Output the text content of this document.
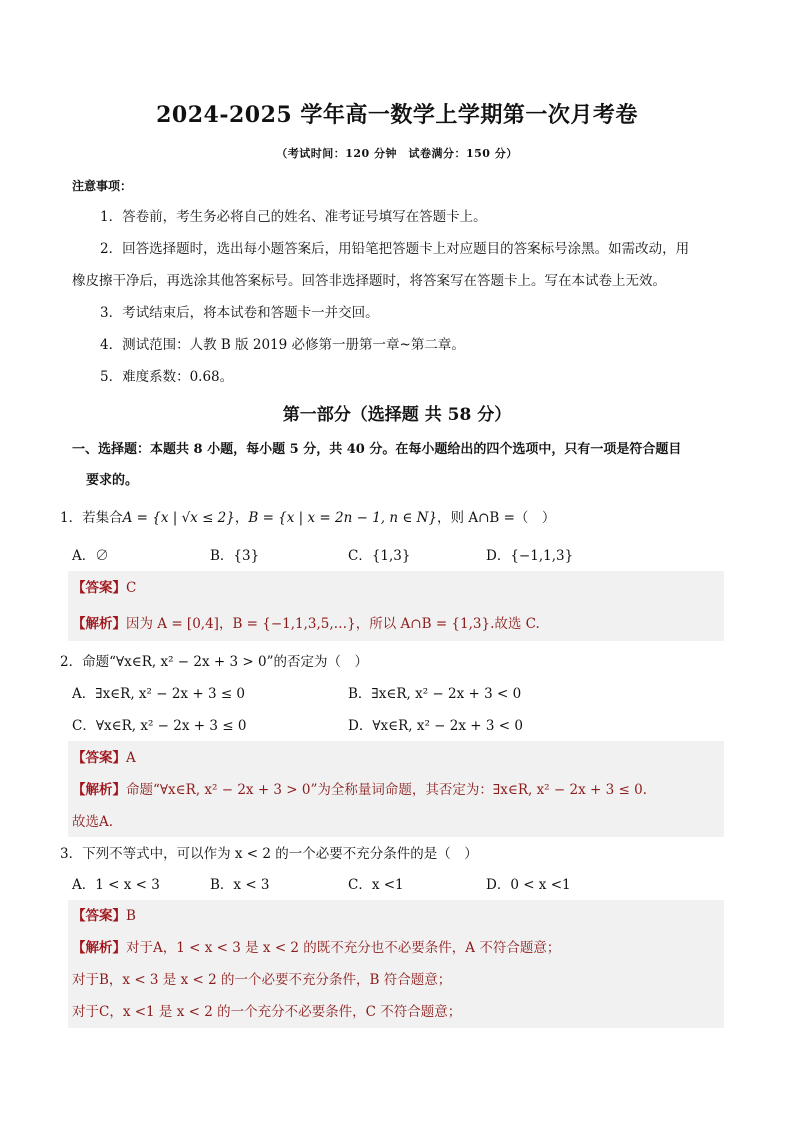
2024-2025 学年高一数学上学期第一次月考卷
（考试时间：120 分钟　试卷满分：150 分）
注意事项：
1．答卷前，考生务必将自己的姓名、准考证号填写在答题卡上。
2．回答选择题时，选出每小题答案后，用铅笔把答题卡上对应题目的答案标号涂黑。如需改动，用
橡皮擦干净后，再选涂其他答案标号。回答非选择题时，将答案写在答题卡上。写在本试卷上无效。
3．考试结束后，将本试卷和答题卡一并交回。
4．测试范围：人教 B 版 2019 必修第一册第一章~第二章。
5．难度系数：0.68。
第一部分（选择题 共 58 分）
一、选择题：本题共 8 小题，每小题 5 分，共 40 分。在每小题给出的四个选项中，只有一项是符合题目
要求的。
1．若集合A = {x | √x ≤ 2}，B = {x | x = 2n − 1, n ∈ N}，则 A∩B =（　）
A．∅	B．{3}	C．{1,3}	D．{−1,1,3}
【答案】C
【解析】因为 A = [0,4]，B = {−1,1,3,5,…}，所以 A∩B = {1,3}.故选 C.
2．命题“∀x∈R, x² − 2x + 3 > 0”的否定为（　）
A．∃x∈R, x² − 2x + 3 ≤ 0	B．∃x∈R, x² − 2x + 3 < 0
C．∀x∈R, x² − 2x + 3 ≤ 0	D．∀x∈R, x² − 2x + 3 < 0
【答案】A
【解析】命题“∀x∈R, x² − 2x + 3 > 0”为全称量词命题，其否定为：∃x∈R, x² − 2x + 3 ≤ 0.
故选A.
3．下列不等式中，可以作为 x < 2 的一个必要不充分条件的是（　）
A．1 < x < 3	B．x < 3	C．x <1	D．0 < x <1
【答案】B
【解析】对于A，1 < x < 3 是 x < 2 的既不充分也不必要条件，A 不符合题意；
对于B，x < 3 是 x < 2 的一个必要不充分条件，B 符合题意；
对于C，x <1 是 x < 2 的一个充分不必要条件，C 不符合题意；
